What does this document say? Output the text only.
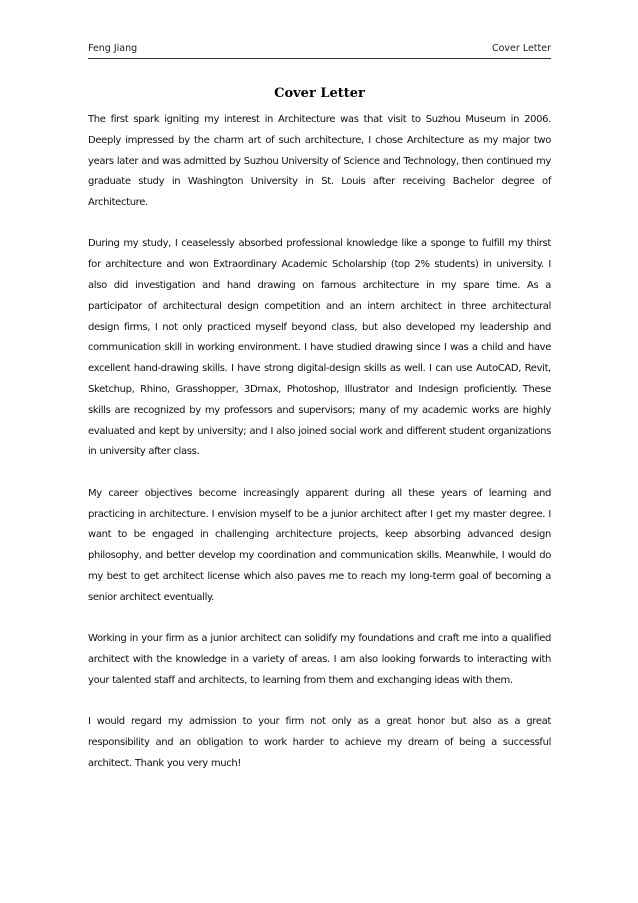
Feng Jiang	Cover Letter
Cover Letter

The first spark igniting my interest in Architecture was that visit to Suzhou Museum in 2006. Deeply impressed by the charm art of such architecture, I chose Architecture as my major two years later and was admitted by Suzhou University of Science and Technology, then continued my graduate study in Washington University in St. Louis after receiving Bachelor degree of Architecture.

During my study, I ceaselessly absorbed professional knowledge like a sponge to fulfill my thirst for architecture and won Extraordinary Academic Scholarship (top 2% students) in university. I also did investigation and hand drawing on famous architecture in my spare time. As a participator of architectural design competition and an intern architect in three architectural design firms, I not only practiced myself beyond class, but also developed my leadership and communication skill in working environment. I have studied drawing since I was a child and have excellent hand-drawing skills. I have strong digital-design skills as well. I can use AutoCAD, Revit, Sketchup, Rhino, Grasshopper, 3Dmax, Photoshop, Illustrator and Indesign proficiently. These skills are recognized by my professors and supervisors; many of my academic works are highly evaluated and kept by university; and I also joined social work and different student organizations in university after class.

My career objectives become increasingly apparent during all these years of learning and practicing in architecture. I envision myself to be a junior architect after I get my master degree. I want to be engaged in challenging architecture projects, keep absorbing advanced design philosophy, and better develop my coordination and communication skills. Meanwhile, I would do my best to get architect license which also paves me to reach my long-term goal of becoming a senior architect eventually.

Working in your firm as a junior architect can solidify my foundations and craft me into a qualified architect with the knowledge in a variety of areas. I am also looking forwards to interacting with your talented staff and architects, to learning from them and exchanging ideas with them.

I would regard my admission to your firm not only as a great honor but also as a great responsibility and an obligation to work harder to achieve my dream of being a successful architect. Thank you very much!
